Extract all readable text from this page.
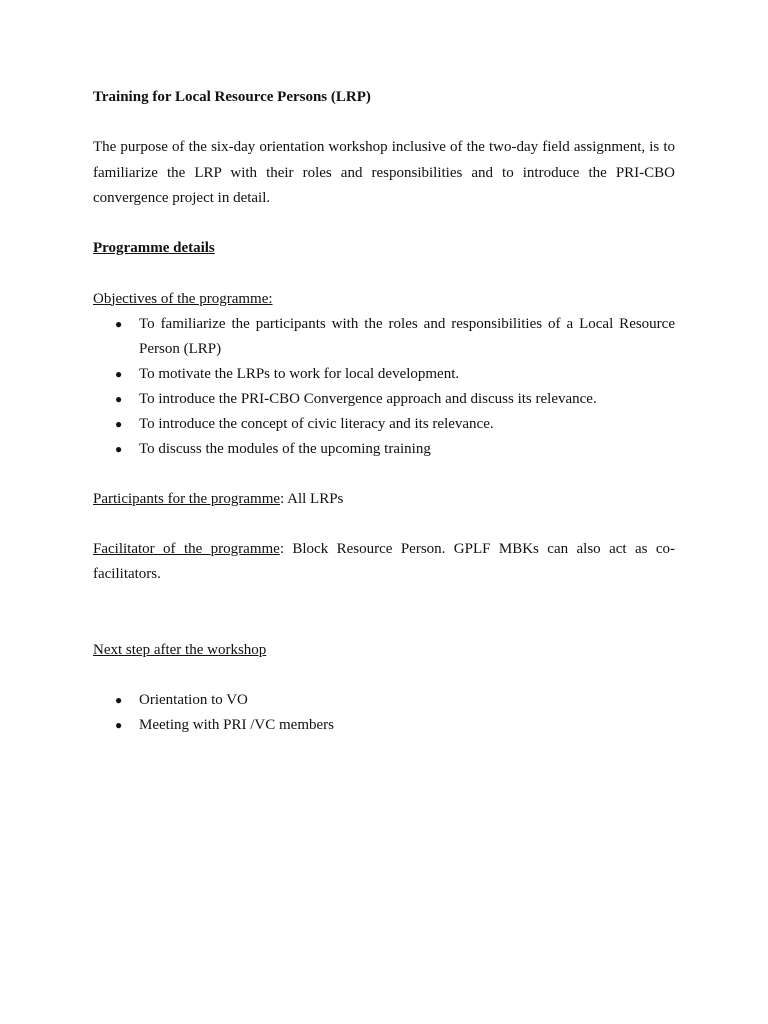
Training for Local Resource Persons (LRP)

The purpose of the six-day orientation workshop inclusive of the two-day field assignment, is to familiarize the LRP with their roles and responsibilities and to introduce the PRI-CBO convergence project in detail.

Programme details

Objectives of the programme:

● To familiarize the participants with the roles and responsibilities of a Local Resource Person (LRP)
● To motivate the LRPs to work for local development.
● To introduce the PRI-CBO Convergence approach and discuss its relevance.
● To introduce the concept of civic literacy and its relevance.
● To discuss the modules of the upcoming training

Participants for the programme: All LRPs

Facilitator of the programme: Block Resource Person. GPLF MBKs can also act as co-facilitators.

Next step after the workshop

● Orientation to VO
● Meeting with PRI /VC members
